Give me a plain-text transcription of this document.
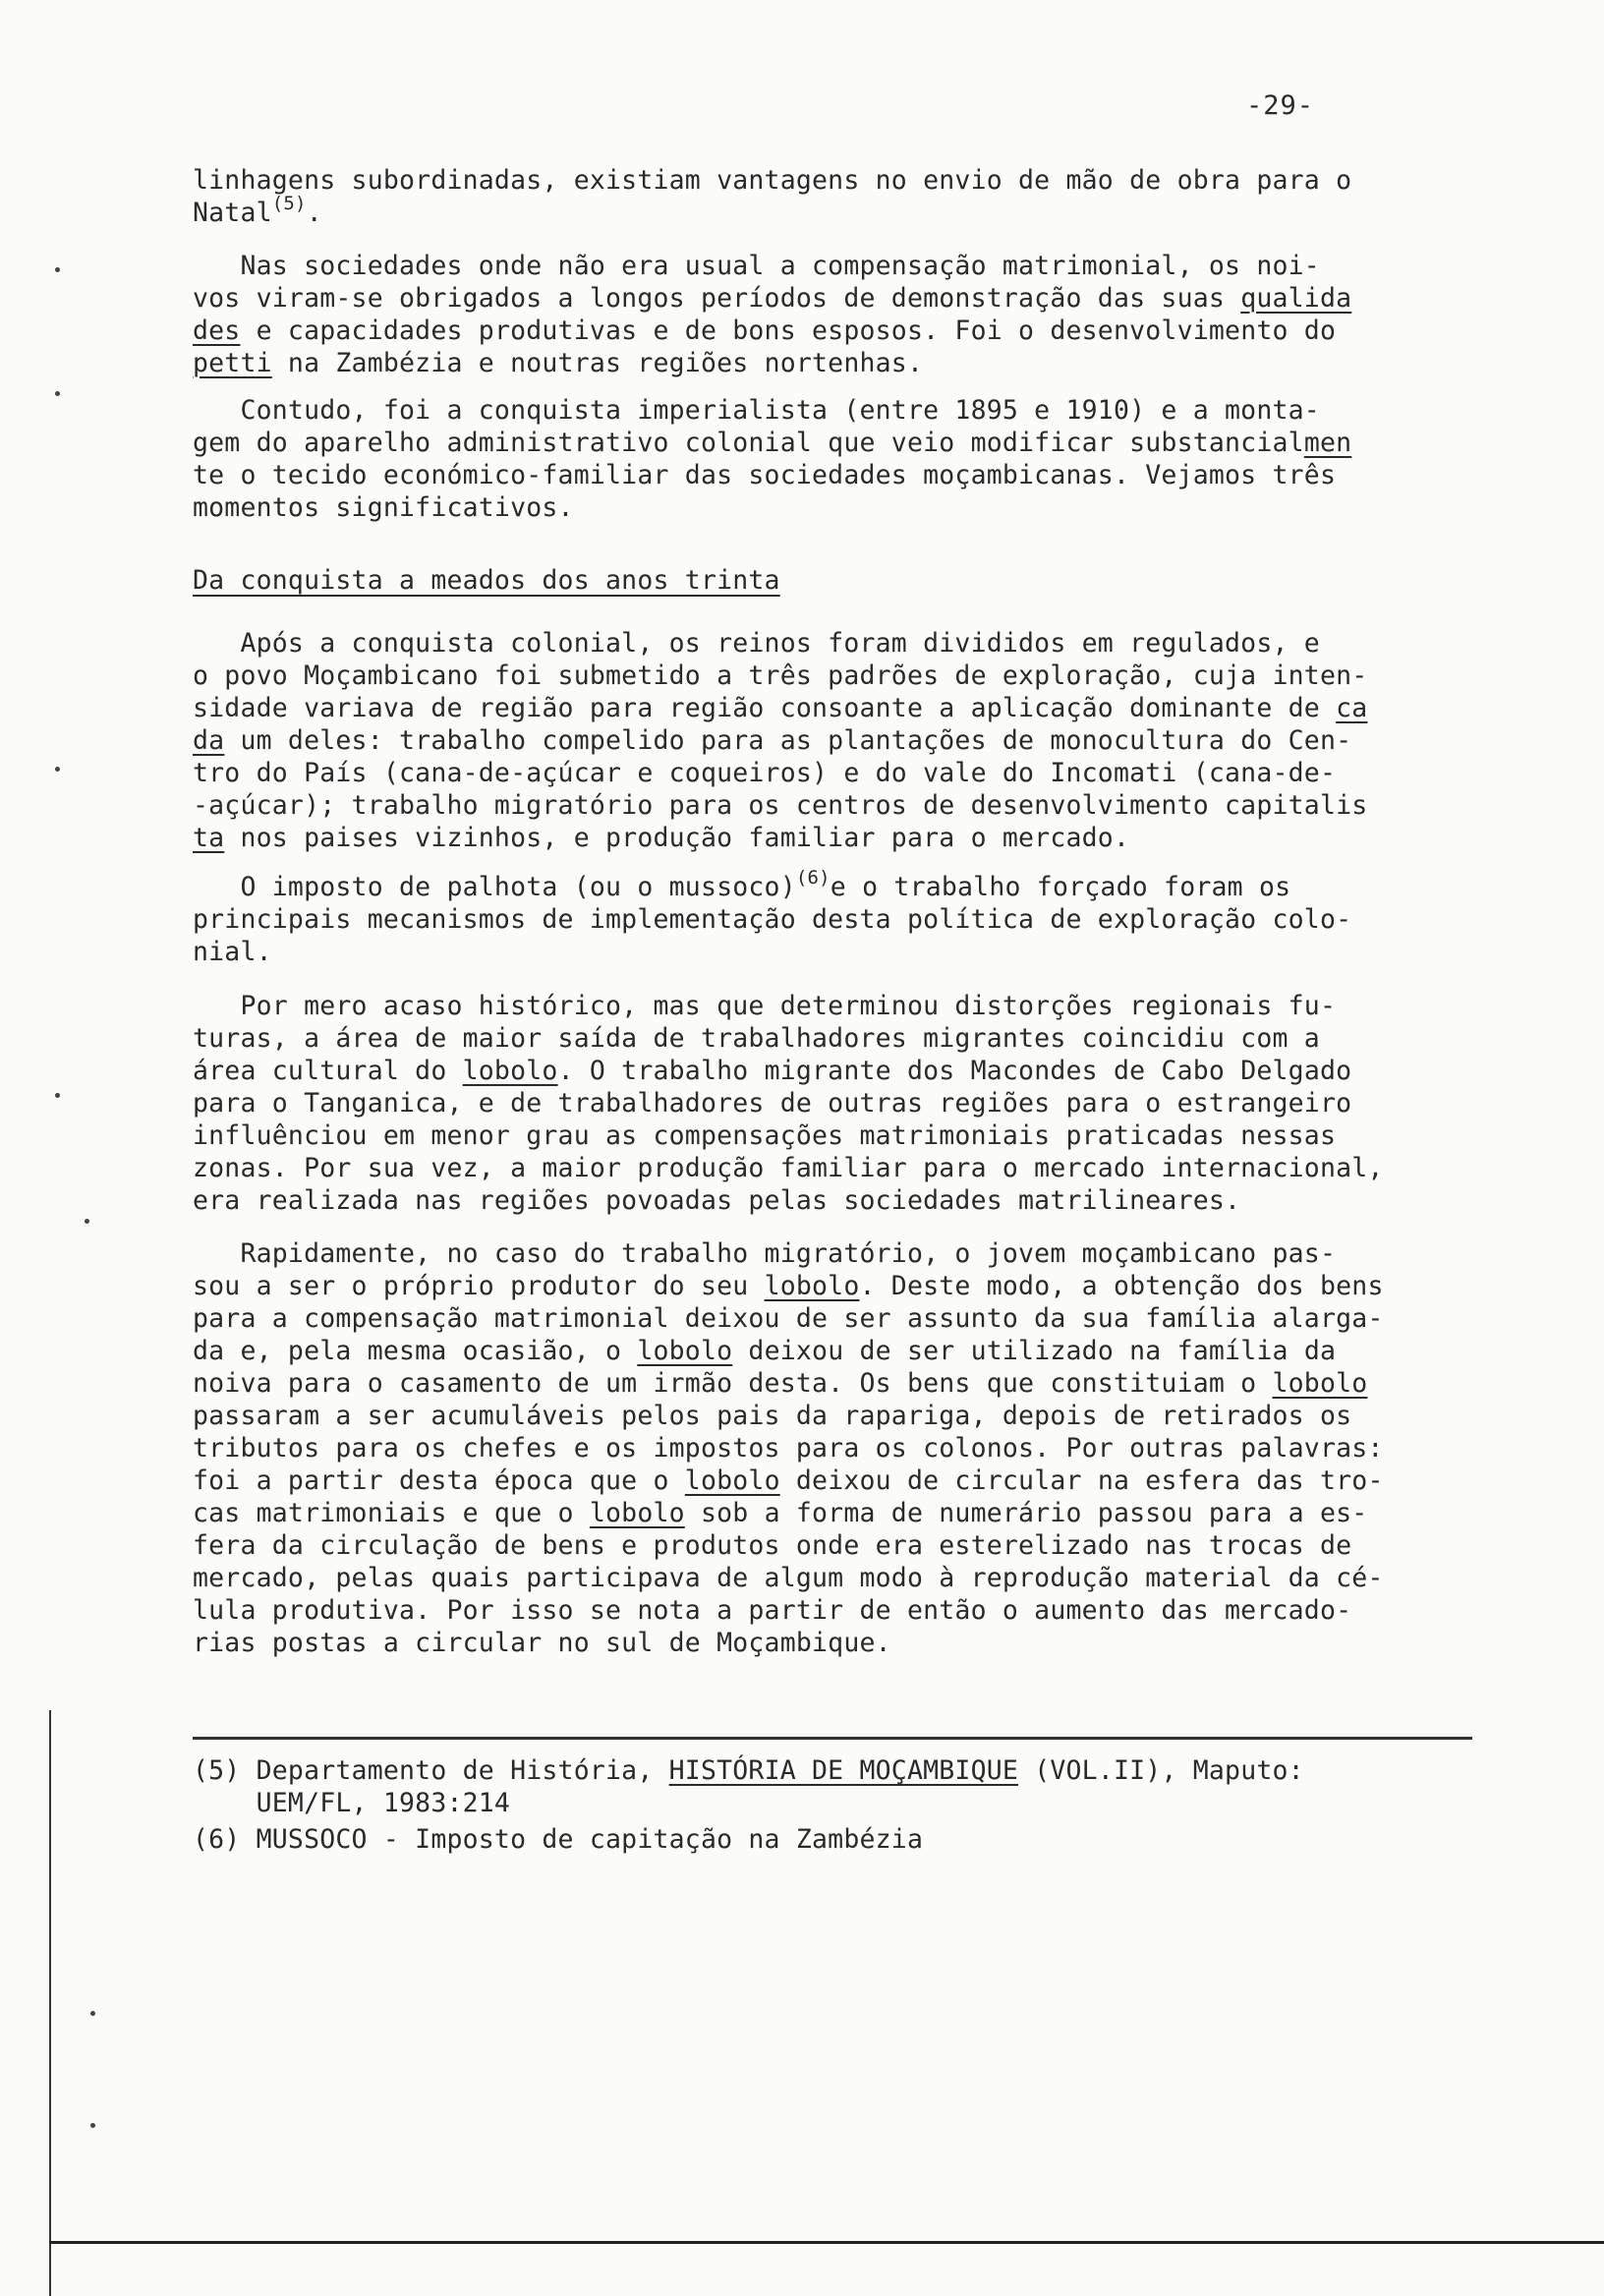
-29-
linhagens subordinadas, existiam vantagens no envio de mão de obra para o
Natal$^{(5)}$.
Nas sociedades onde não era usual a compensação matrimonial, os noi-
vos viram-se obrigados a longos períodos de demonstração das suas qualida
des e capacidades produtivas e de bons esposos. Foi o desenvolvimento do
petti na Zambézia e noutras regiões nortenhas.
Contudo, foi a conquista imperialista (entre 1895 e 1910) e a monta-
gem do aparelho administrativo colonial que veio modificar substancialmen
te o tecido económico-familiar das sociedades moçambicanas. Vejamos três
momentos significativos.
Da conquista a meados dos anos trinta
Após a conquista colonial, os reinos foram divididos em regulados, e
o povo Moçambicano foi submetido a três padrões de exploração, cuja inten-
sidade variava de região para região consoante a aplicação dominante de ca
da um deles: trabalho compelido para as plantações de monocultura do Cen-
tro do País (cana-de-açúcar e coqueiros) e do vale do Incomati (cana-de-
-açúcar); trabalho migratório para os centros de desenvolvimento capitalis
ta nos paises vizinhos, e produção familiar para o mercado.
O imposto de palhota (ou o mussoco)$^{(6)}$e o trabalho forçado foram os
principais mecanismos de implementação desta política de exploração colo-
nial.
Por mero acaso histórico, mas que determinou distorções regionais fu-
turas, a área de maior saída de trabalhadores migrantes coincidiu com a
área cultural do lobolo. O trabalho migrante dos Macondes de Cabo Delgado
para o Tanganica, e de trabalhadores de outras regiões para o estrangeiro
influênciou em menor grau as compensações matrimoniais praticadas nessas
zonas. Por sua vez, a maior produção familiar para o mercado internacional,
era realizada nas regiões povoadas pelas sociedades matrilineares.
Rapidamente, no caso do trabalho migratório, o jovem moçambicano pas-
sou a ser o próprio produtor do seu lobolo. Deste modo, a obtenção dos bens
para a compensação matrimonial deixou de ser assunto da sua família alarga-
da e, pela mesma ocasião, o lobolo deixou de ser utilizado na família da
noiva para o casamento de um irmão desta. Os bens que constituiam o lobolo
passaram a ser acumuláveis pelos pais da rapariga, depois de retirados os
tributos para os chefes e os impostos para os colonos. Por outras palavras:
foi a partir desta época que o lobolo deixou de circular na esfera das tro-
cas matrimoniais e que o lobolo sob a forma de numerário passou para a es-
fera da circulação de bens e produtos onde era esterelizado nas trocas de
mercado, pelas quais participava de algum modo à reprodução material da cé-
lula produtiva. Por isso se nota a partir de então o aumento das mercado-
rias postas a circular no sul de Moçambique.
(5) Departamento de História, HISTÓRIA DE MOÇAMBIQUE (VOL.II), Maputo:
UEM/FL, 1983:214
(6) MUSSOCO - Imposto de capitação na Zambézia
